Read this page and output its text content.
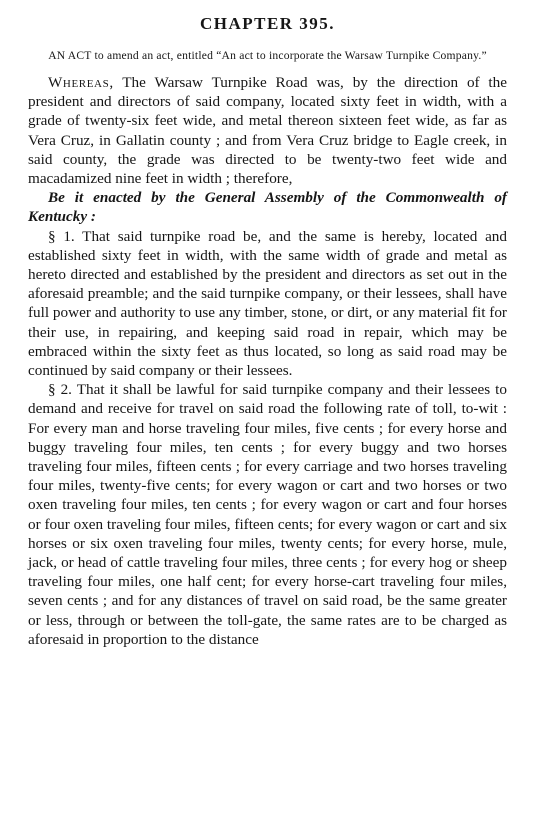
CHAPTER 395.

AN ACT to amend an act, entitled “An act to incorporate the Warsaw Turnpike Company.”

Whereas, The Warsaw Turnpike Road was, by the direction of the president and directors of said company, located sixty feet in width, with a grade of twenty-six feet wide, and metal thereon sixteen feet wide, as far as Vera Cruz, in Gallatin county ; and from Vera Cruz bridge to Eagle creek, in said county, the grade was directed to be twenty-two feet wide and macadamized nine feet in width ; therefore,

Be it enacted by the General Assembly of the Commonwealth of Kentucky :

§ 1. That said turnpike road be, and the same is hereby, located and established sixty feet in width, with the same width of grade and metal as hereto directed and established by the president and directors as set out in the aforesaid preamble; and the said turnpike company, or their lessees, shall have full power and authority to use any timber, stone, or dirt, or any material fit for their use, in repairing, and keeping said road in repair, which may be embraced within the sixty feet as thus located, so long as said road may be continued by said company or their lessees.

§ 2. That it shall be lawful for said turnpike company and their lessees to demand and receive for travel on said road the following rate of toll, to-wit : For every man and horse traveling four miles, five cents ; for every horse and buggy traveling four miles, ten cents ; for every buggy and two horses traveling four miles, fifteen cents ; for every carriage and two horses traveling four miles, twenty-five cents; for every wagon or cart and two horses or two oxen traveling four miles, ten cents ; for every wagon or cart and four horses or four oxen traveling four miles, fifteen cents; for every wagon or cart and six horses or six oxen traveling four miles, twenty cents; for every horse, mule, jack, or head of cattle traveling four miles, three cents ; for every hog or sheep traveling four miles, one half cent; for every horse-cart traveling four miles, seven cents ; and for any distances of travel on said road, be the same greater or less, through or between the toll-gate, the same rates are to be charged as aforesaid in proportion to the distance
